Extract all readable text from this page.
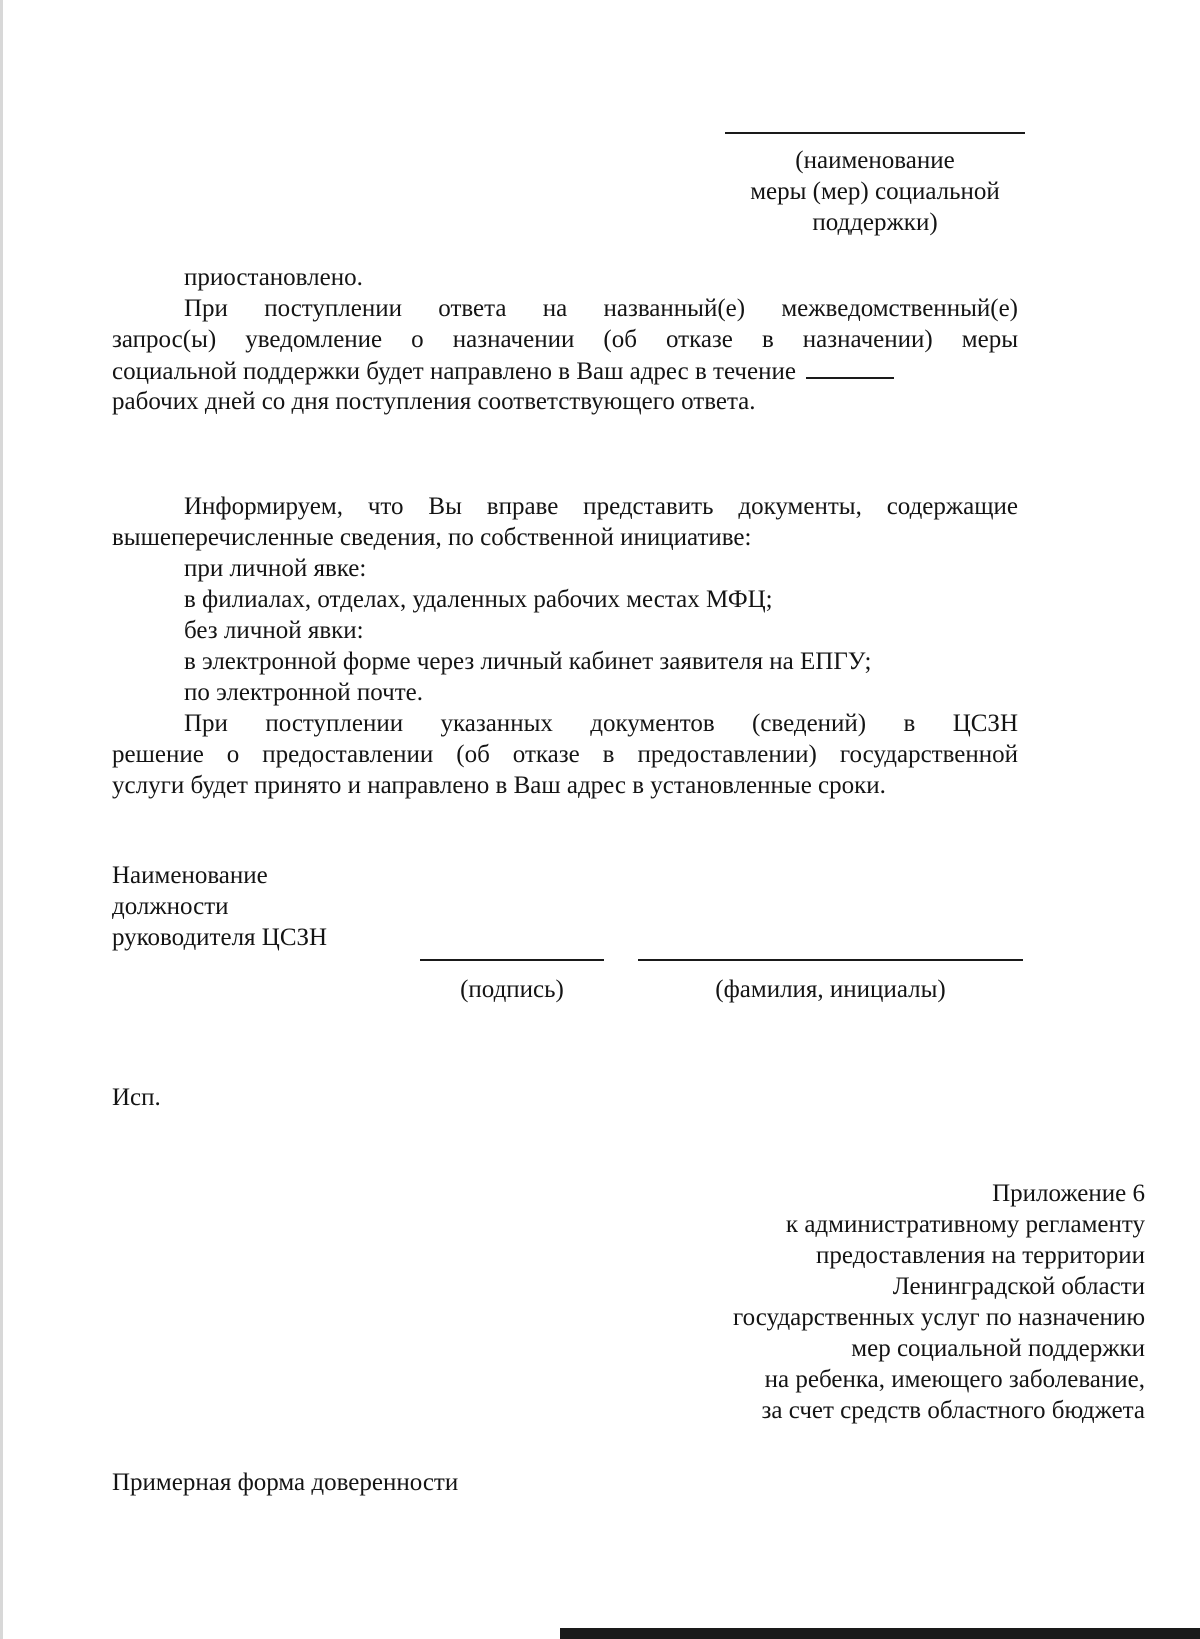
(наименование
меры (мер) социальной
поддержки)
приостановлено.
При поступлении ответа на названный(е) межведомственный(е)
запрос(ы) уведомление о назначении (об отказе в назначении) меры
социальной поддержки будет направлено в Ваш адрес в течение
рабочих дней со дня поступления соответствующего ответа.
Информируем, что Вы вправе представить документы, содержащие
вышеперечисленные сведения, по собственной инициативе:
при личной явке:
в филиалах, отделах, удаленных рабочих местах МФЦ;
без личной явки:
в электронной форме через личный кабинет заявителя на ЕПГУ;
по электронной почте.
При поступлении указанных документов (сведений) в ЦСЗН
решение о предоставлении (об отказе в предоставлении) государственной
услуги будет принято и направлено в Ваш адрес в установленные сроки.
Наименование
должности
руководителя ЦСЗН
(подпись)	(фамилия, инициалы)
Исп.
Приложение 6
к административному регламенту
предоставления на территории
Ленинградской области
государственных услуг по назначению
мер социальной поддержки
на ребенка, имеющего заболевание,
за счет средств областного бюджета
Примерная форма доверенности
